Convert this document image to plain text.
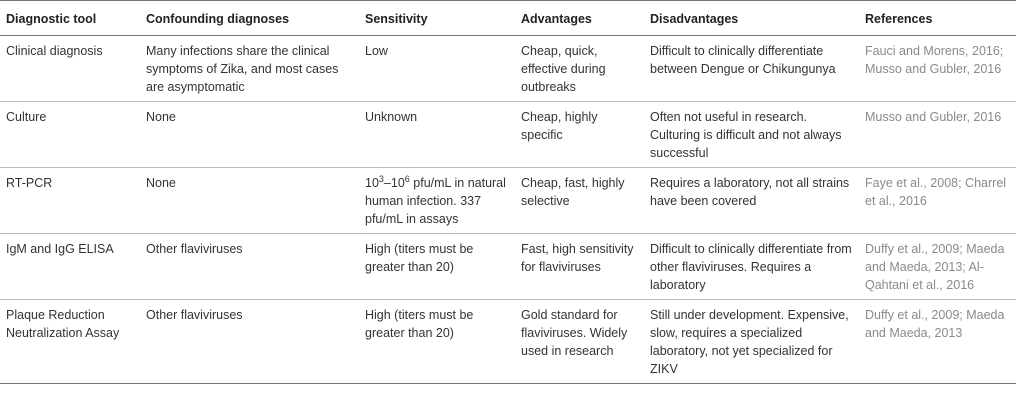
Diagnostic tool	Confounding diagnoses	Sensitivity	Advantages	Disadvantages	References
Clinical diagnosis	Many infections share the clinical symptoms of Zika, and most cases are asymptomatic	Low	Cheap, quick, effective during outbreaks	Difficult to clinically differentiate between Dengue or Chikungunya	Fauci and Morens, 2016; Musso and Gubler, 2016
Culture	None	Unknown	Cheap, highly specific	Often not useful in research. Culturing is difficult and not always successful	Musso and Gubler, 2016
RT-PCR	None	$10^3-10^6$ pfu/mL in natural human infection. 337 pfu/mL in assays	Cheap, fast, highly selective	Requires a laboratory, not all strains have been covered	Faye et al., 2008; Charrel et al., 2016
IgM and IgG ELISA	Other flaviviruses	High (titers must be greater than 20)	Fast, high sensitivity for flaviviruses	Difficult to clinically differentiate from other flaviviruses. Requires a laboratory	Duffy et al., 2009; Maeda and Maeda, 2013; Al-Qahtani et al., 2016
Plaque Reduction Neutralization Assay	Other flaviviruses	High (titers must be greater than 20)	Gold standard for flaviviruses. Widely used in research	Still under development. Expensive, slow, requires a specialized laboratory, not yet specialized for ZIKV	Duffy et al., 2009; Maeda and Maeda, 2013
